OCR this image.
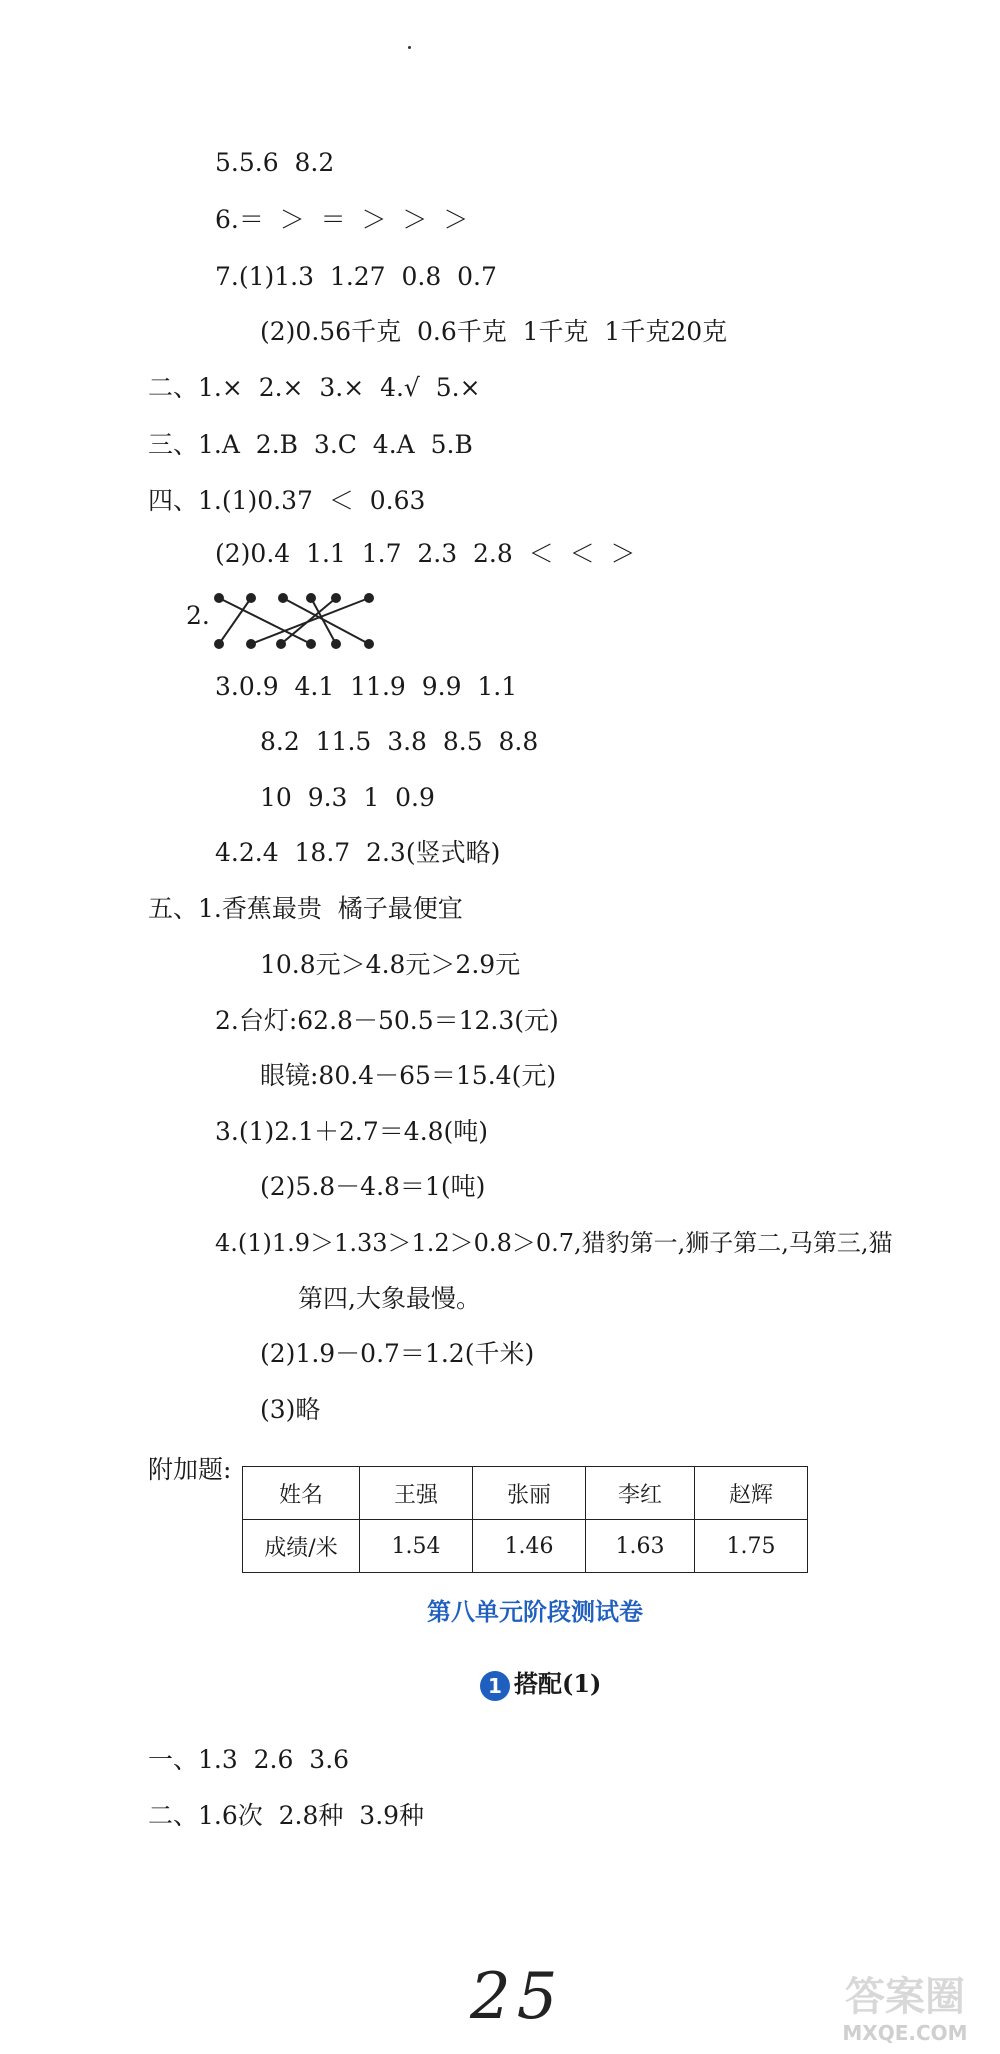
5.5.6  8.2
6.＝  ＞  ＝  ＞  ＞  ＞
7.(1)1.3  1.27  0.8  0.7
(2)0.56千克  0.6千克  1千克  1千克20克
二、1.×  2.×  3.×  4.√  5.×
三、1.A  2.B  3.C  4.A  5.B
四、1.(1)0.37  ＜  0.63
(2)0.4  1.1  1.7  2.3  2.8  ＜  ＜  ＞
2.
3.0.9  4.1  11.9  9.9  1.1
8.2  11.5  3.8  8.5  8.8
10  9.3  1  0.9
4.2.4  18.7  2.3(竖式略)
五、1.香蕉最贵  橘子最便宜
10.8元＞4.8元＞2.9元
2.台灯:62.8－50.5＝12.3(元)
眼镜:80.4－65＝15.4(元)
3.(1)2.1＋2.7＝4.8(吨)
(2)5.8－4.8＝1(吨)
4.(1)1.9＞1.33＞1.2＞0.8＞0.7,猎豹第一,狮子第二,马第三,猫
第四,大象最慢。
(2)1.9－0.7＝1.2(千米)
(3)略
附加题:
姓名	王强	张丽	李红	赵辉
成绩/米	1.54	1.46	1.63	1.75
第八单元阶段测试卷
1 搭配(1)
一、1.3  2.6  3.6
二、1.6次  2.8种  3.9种
25	答案圈
MXQE.COM
